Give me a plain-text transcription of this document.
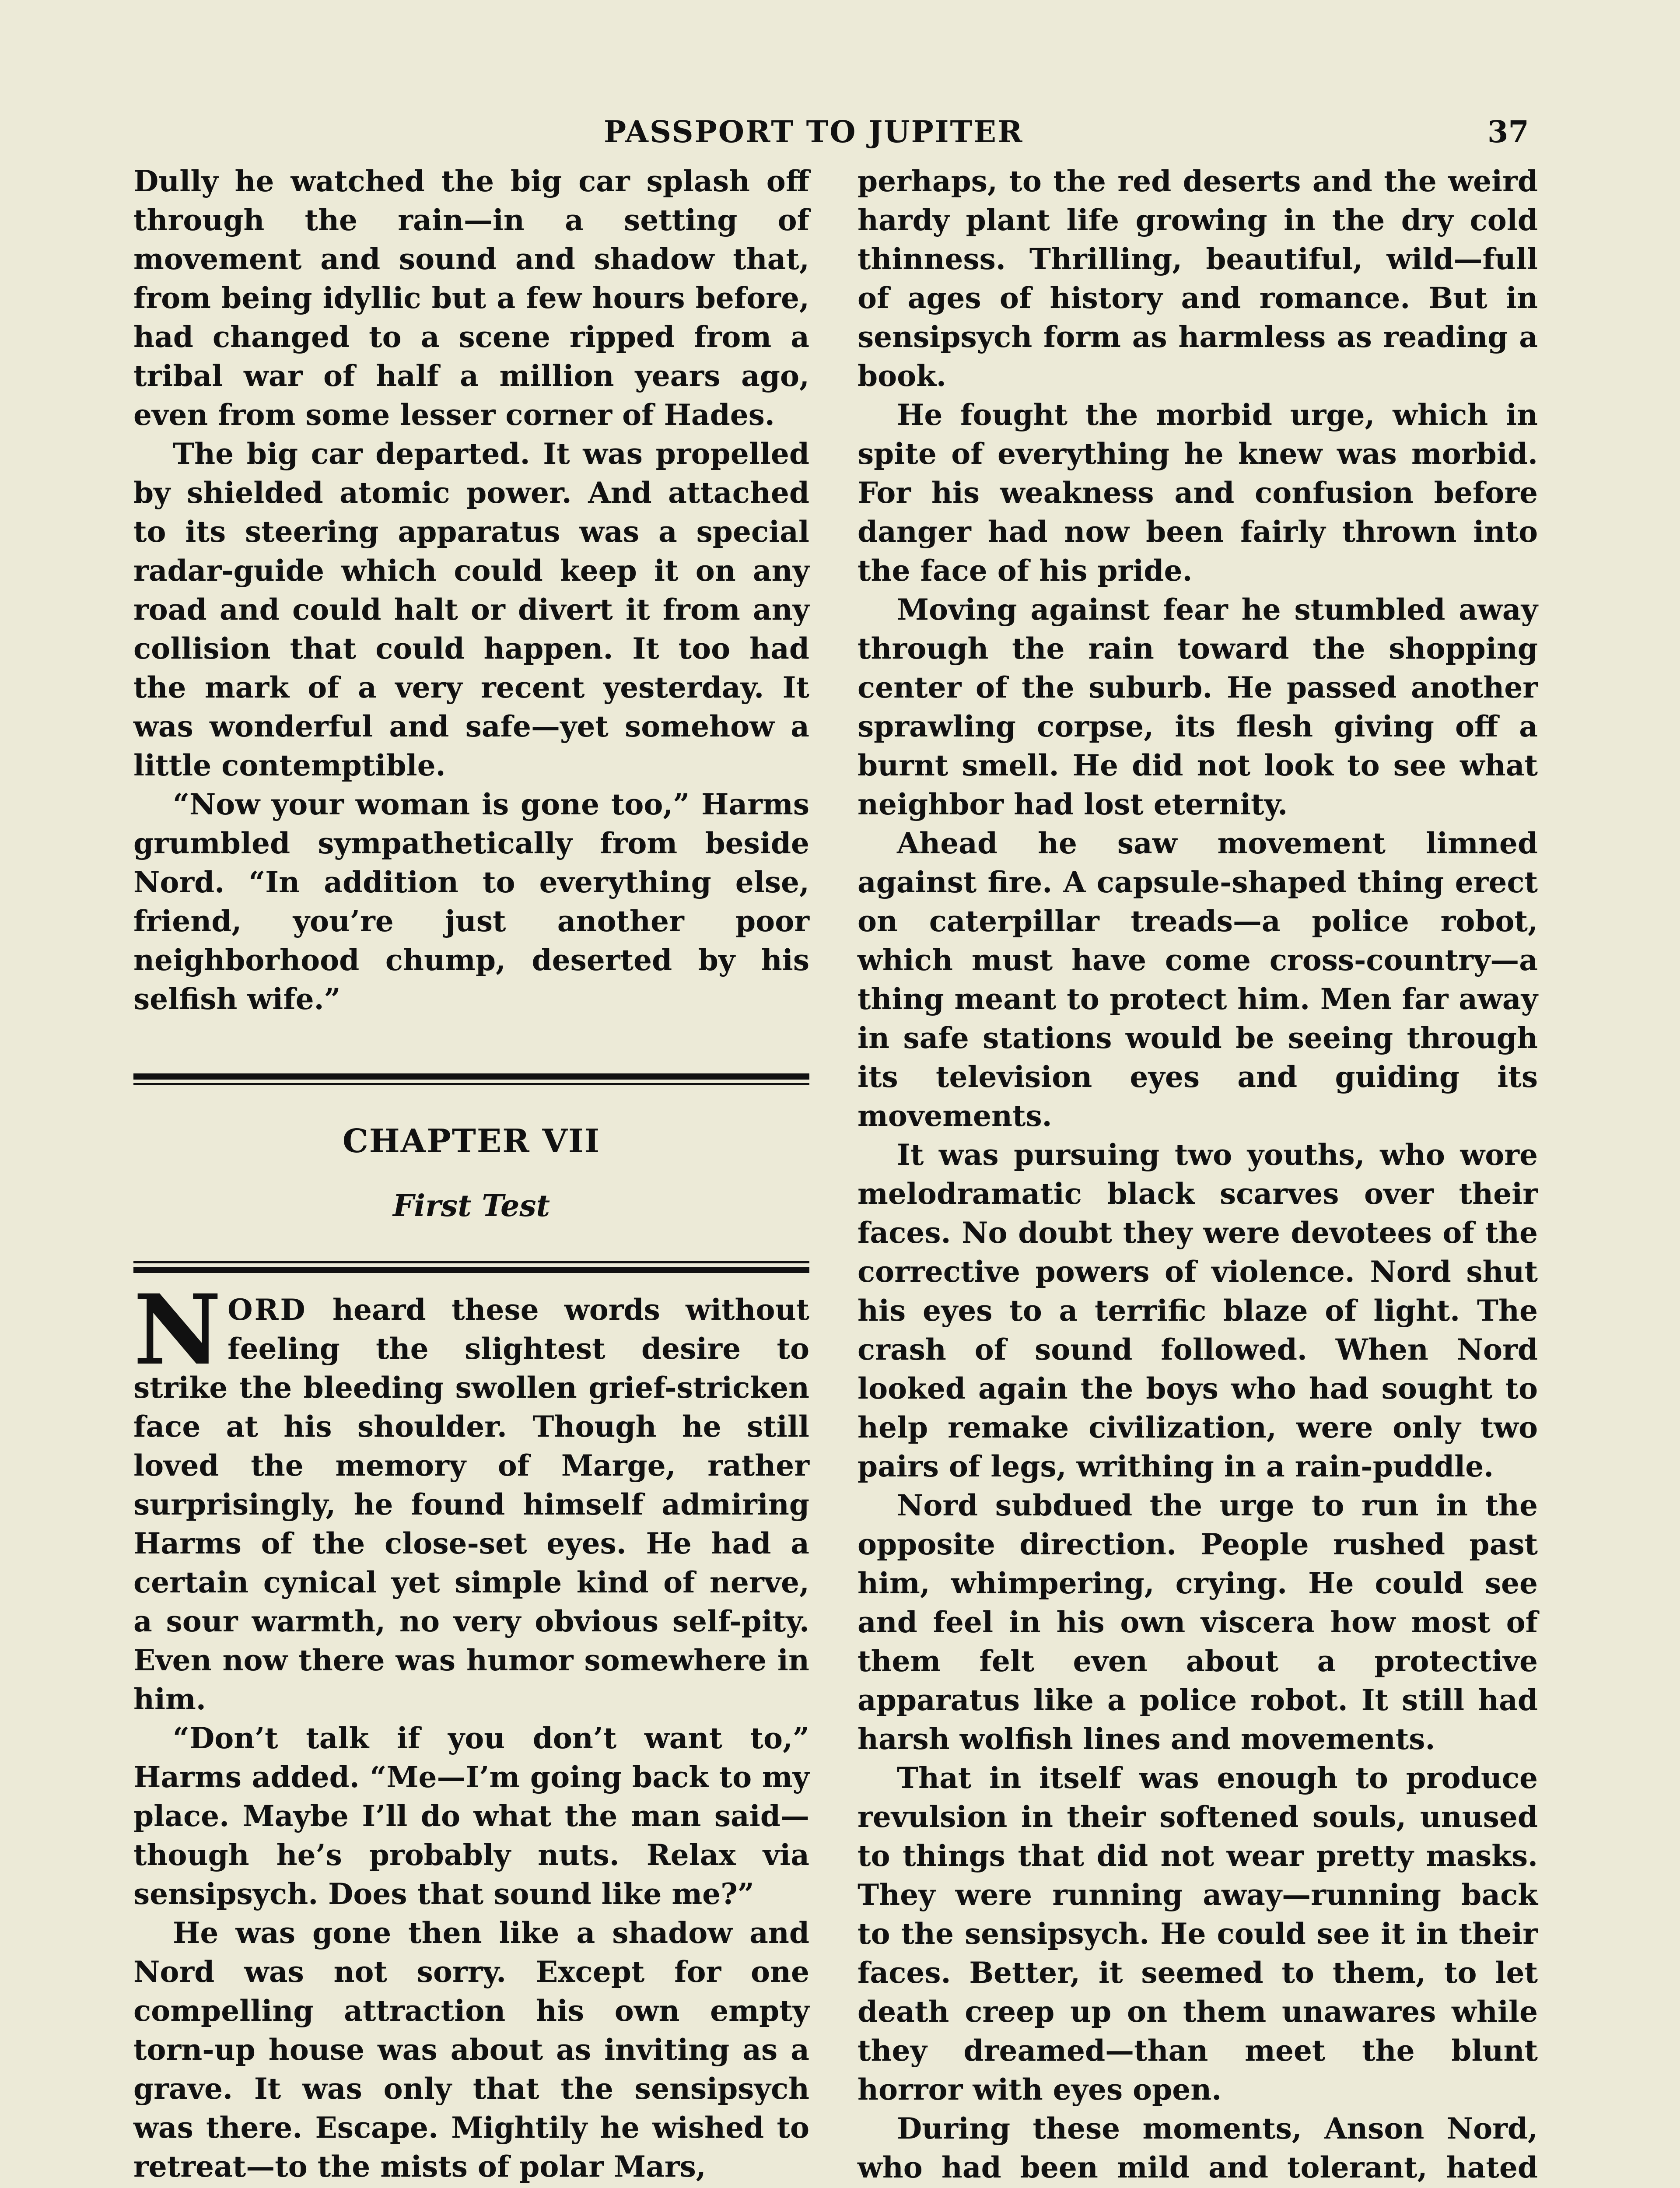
PASSPORT TO JUPITER	37

Dully he watched the big car splash off through the rain—in a setting of movement and sound and shadow that, from being idyllic but a few hours before, had changed to a scene ripped from a tribal war of half a million years ago, even from some lesser corner of Hades.

The big car departed. It was propelled by shielded atomic power. And attached to its steering apparatus was a special radar-guide which could keep it on any road and could halt or divert it from any collision that could happen. It too had the mark of a very recent yesterday. It was wonderful and safe—yet somehow a little contemptible.

“Now your woman is gone too,” Harms grumbled sympathetically from beside Nord. “In addition to everything else, friend, you’re just another poor neighborhood chump, deserted by his selfish wife.”

CHAPTER VII
First Test

NORD heard these words without feeling the slightest desire to strike the bleeding swollen grief-stricken face at his shoulder. Though he still loved the memory of Marge, rather surprisingly, he found himself admiring Harms of the close-set eyes. He had a certain cynical yet simple kind of nerve, a sour warmth, no very obvious self-pity. Even now there was humor somewhere in him.

“Don’t talk if you don’t want to,” Harms added. “Me—I’m going back to my place. Maybe I’ll do what the man said—though he’s probably nuts. Relax via sensipsych. Does that sound like me?”

He was gone then like a shadow and Nord was not sorry. Except for one compelling attraction his own empty torn-up house was about as inviting as a grave. It was only that the sensipsych was there. Escape. Mightily he wished to retreat—to the mists of polar Mars,

perhaps, to the red deserts and the weird hardy plant life growing in the dry cold thinness. Thrilling, beautiful, wild—full of ages of history and romance. But in sensipsych form as harmless as reading a book.

He fought the morbid urge, which in spite of everything he knew was morbid. For his weakness and confusion before danger had now been fairly thrown into the face of his pride.

Moving against fear he stumbled away through the rain toward the shopping center of the suburb. He passed another sprawling corpse, its flesh giving off a burnt smell. He did not look to see what neighbor had lost eternity.

Ahead he saw movement limned against fire. A capsule-shaped thing erect on caterpillar treads—a police robot, which must have come cross-country—a thing meant to protect him. Men far away in safe stations would be seeing through its television eyes and guiding its movements.

It was pursuing two youths, who wore melodramatic black scarves over their faces. No doubt they were devotees of the corrective powers of violence. Nord shut his eyes to a terrific blaze of light. The crash of sound followed. When Nord looked again the boys who had sought to help remake civilization, were only two pairs of legs, writhing in a rain-puddle.

Nord subdued the urge to run in the opposite direction. People rushed past him, whimpering, crying. He could see and feel in his own viscera how most of them felt even about a protective apparatus like a police robot. It still had harsh wolfish lines and movements.

That in itself was enough to produce revulsion in their softened souls, unused to things that did not wear pretty masks. They were running away—running back to the sensipsych. He could see it in their faces. Better, it seemed to them, to let death creep up on them unawares while they dreamed—than meet the blunt horror with eyes open.

During these moments, Anson Nord, who had been mild and tolerant, hated
